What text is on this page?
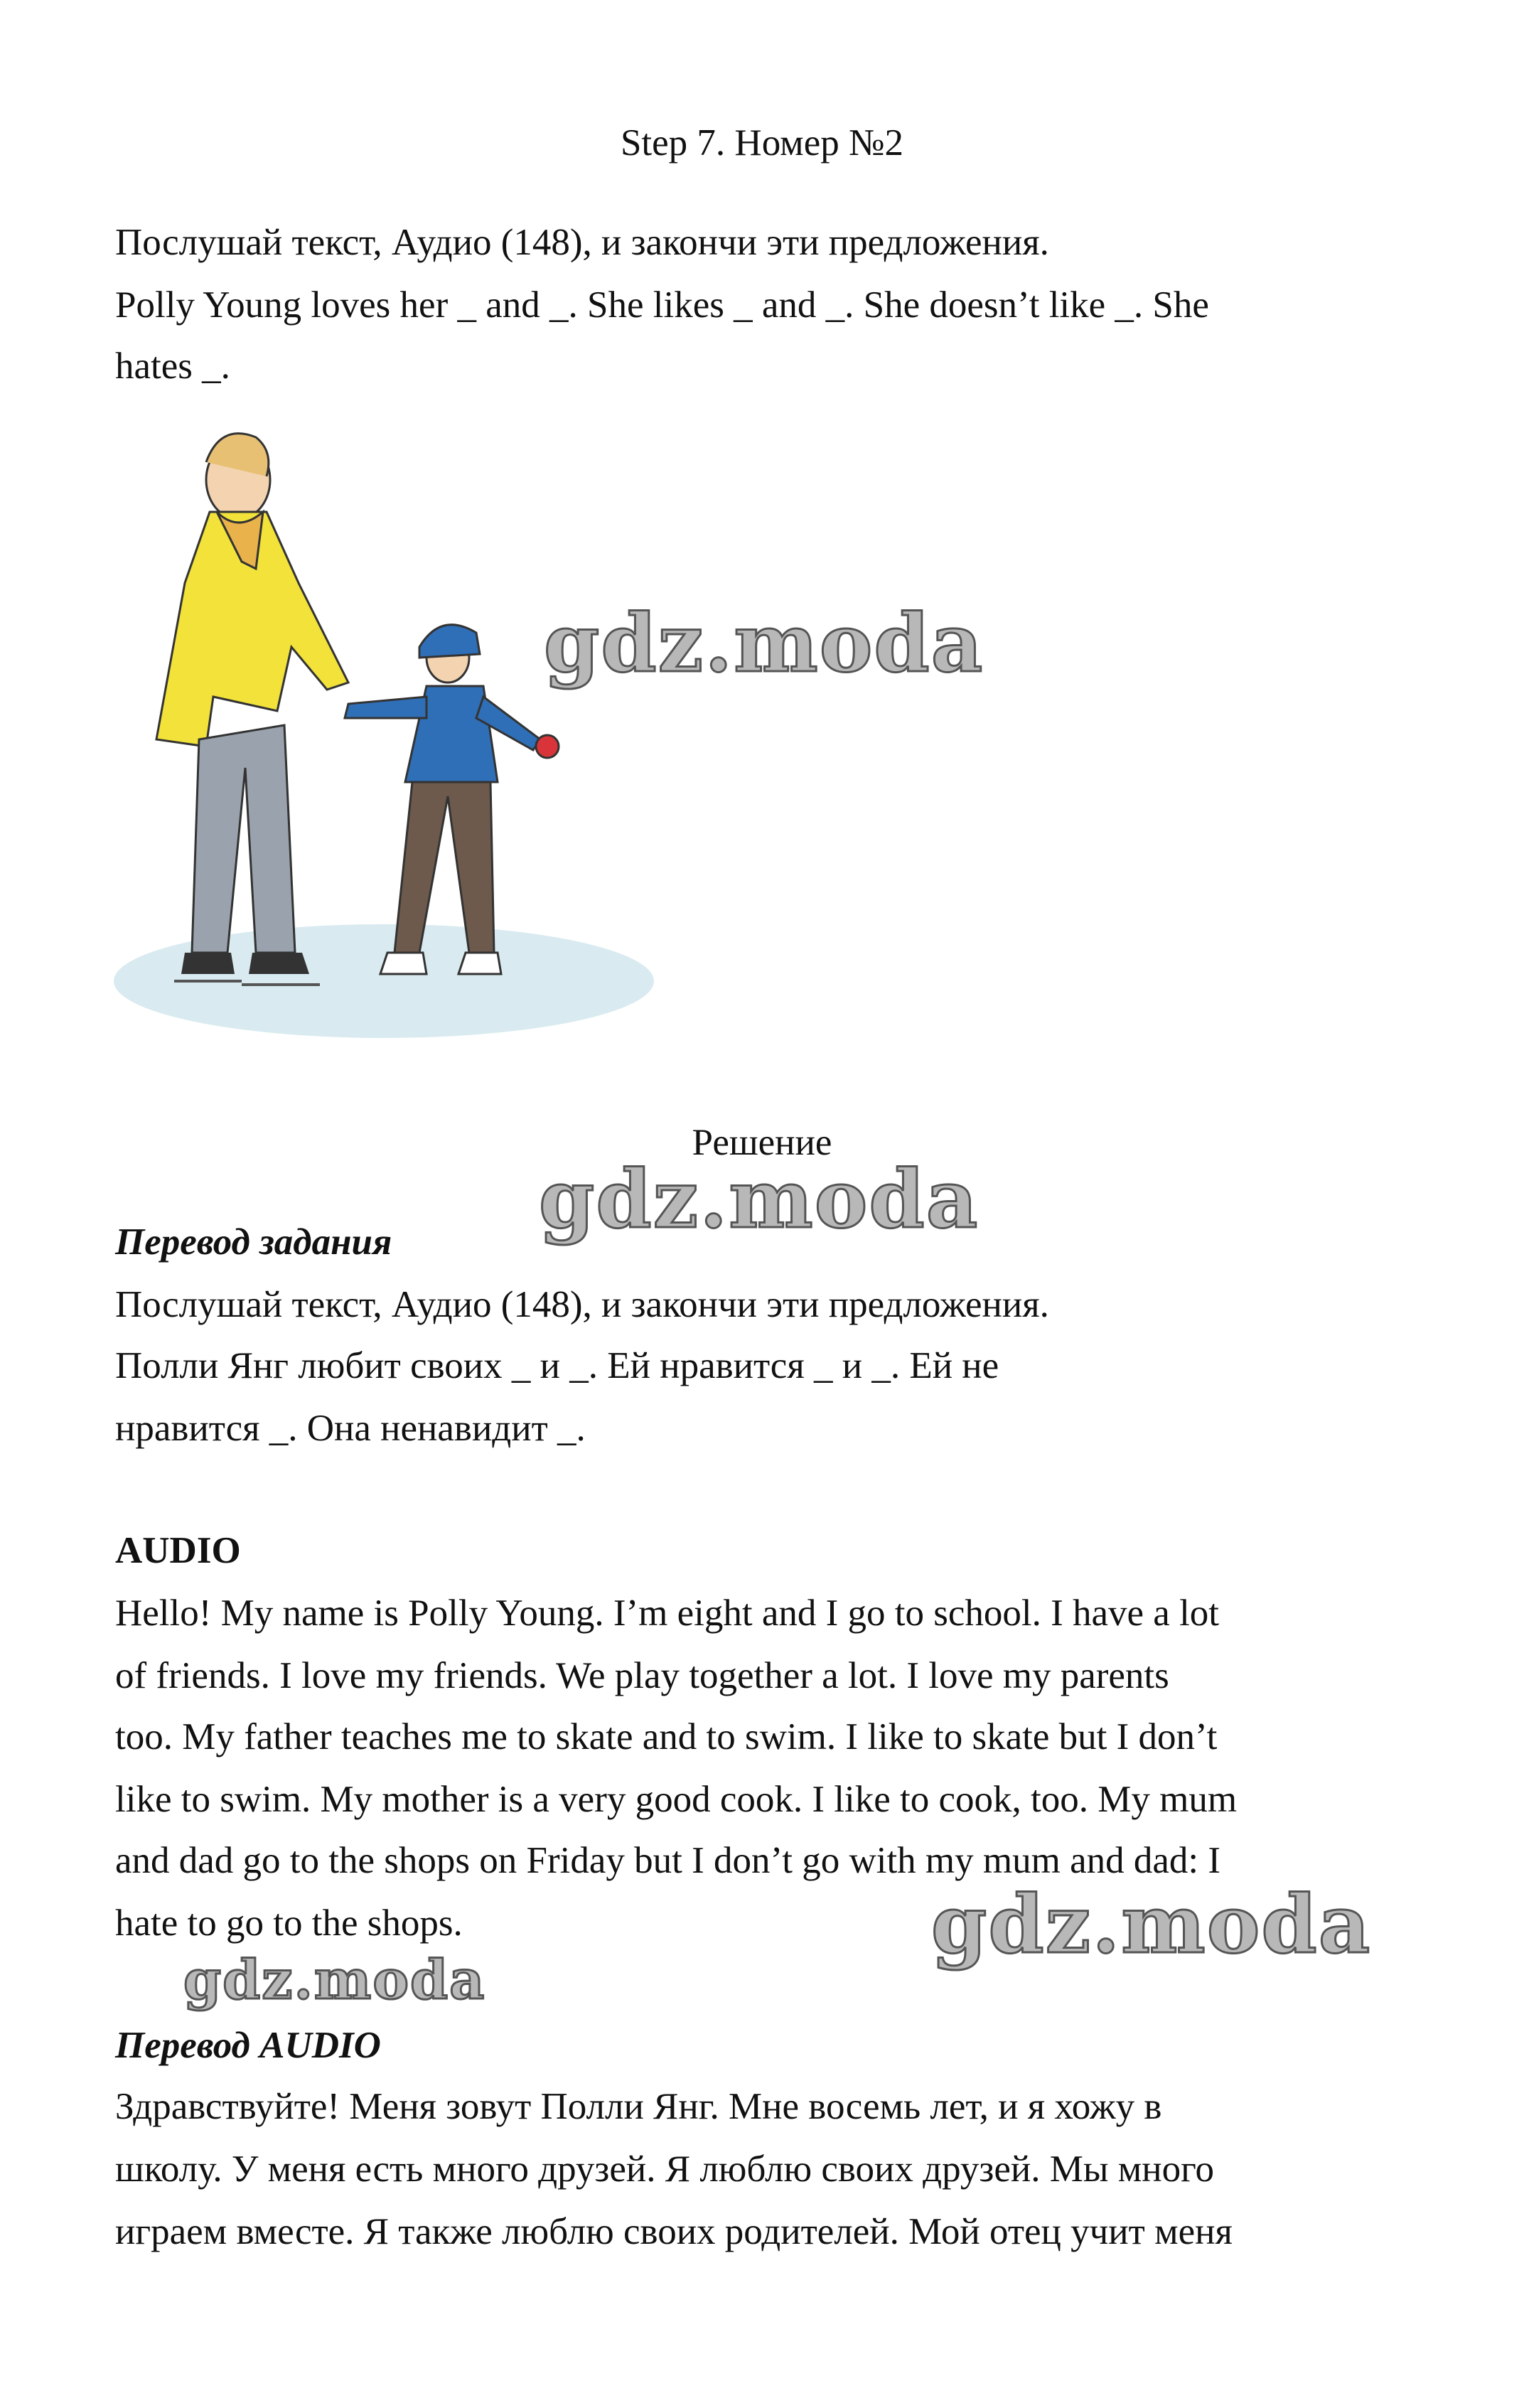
Step 7. Номер №2
Послушай текст, Аудио (148), и закончи эти предложения.
Polly Young loves her _ and _. She likes _ and _. She doesn’t like _. She
hates _.
gdz.moda
Решение
gdz.moda
Перевод задания
Послушай текст, Аудио (148), и закончи эти предложения.
Полли Янг любит своих _ и _. Ей нравится _ и _. Ей не
нравится _. Она ненавидит _.
AUDIO
Hello! My name is Polly Young. I’m eight and I go to school. I have a lot
of friends. I love my friends. We play together a lot. I love my parents
too. My father teaches me to skate and to swim. I like to skate but I don’t
like to swim. My mother is a very good cook. I like to cook, too. My mum
and dad go to the shops on Friday but I don’t go with my mum and dad: I
hate to go to the shops.	gdz.moda
gdz.moda
Перевод AUDIO
Здравствуйте! Меня зовут Полли Янг. Мне восемь лет, и я хожу в
школу. У меня есть много друзей. Я люблю своих друзей. Мы много
играем вместе. Я также люблю своих родителей. Мой отец учит меня
